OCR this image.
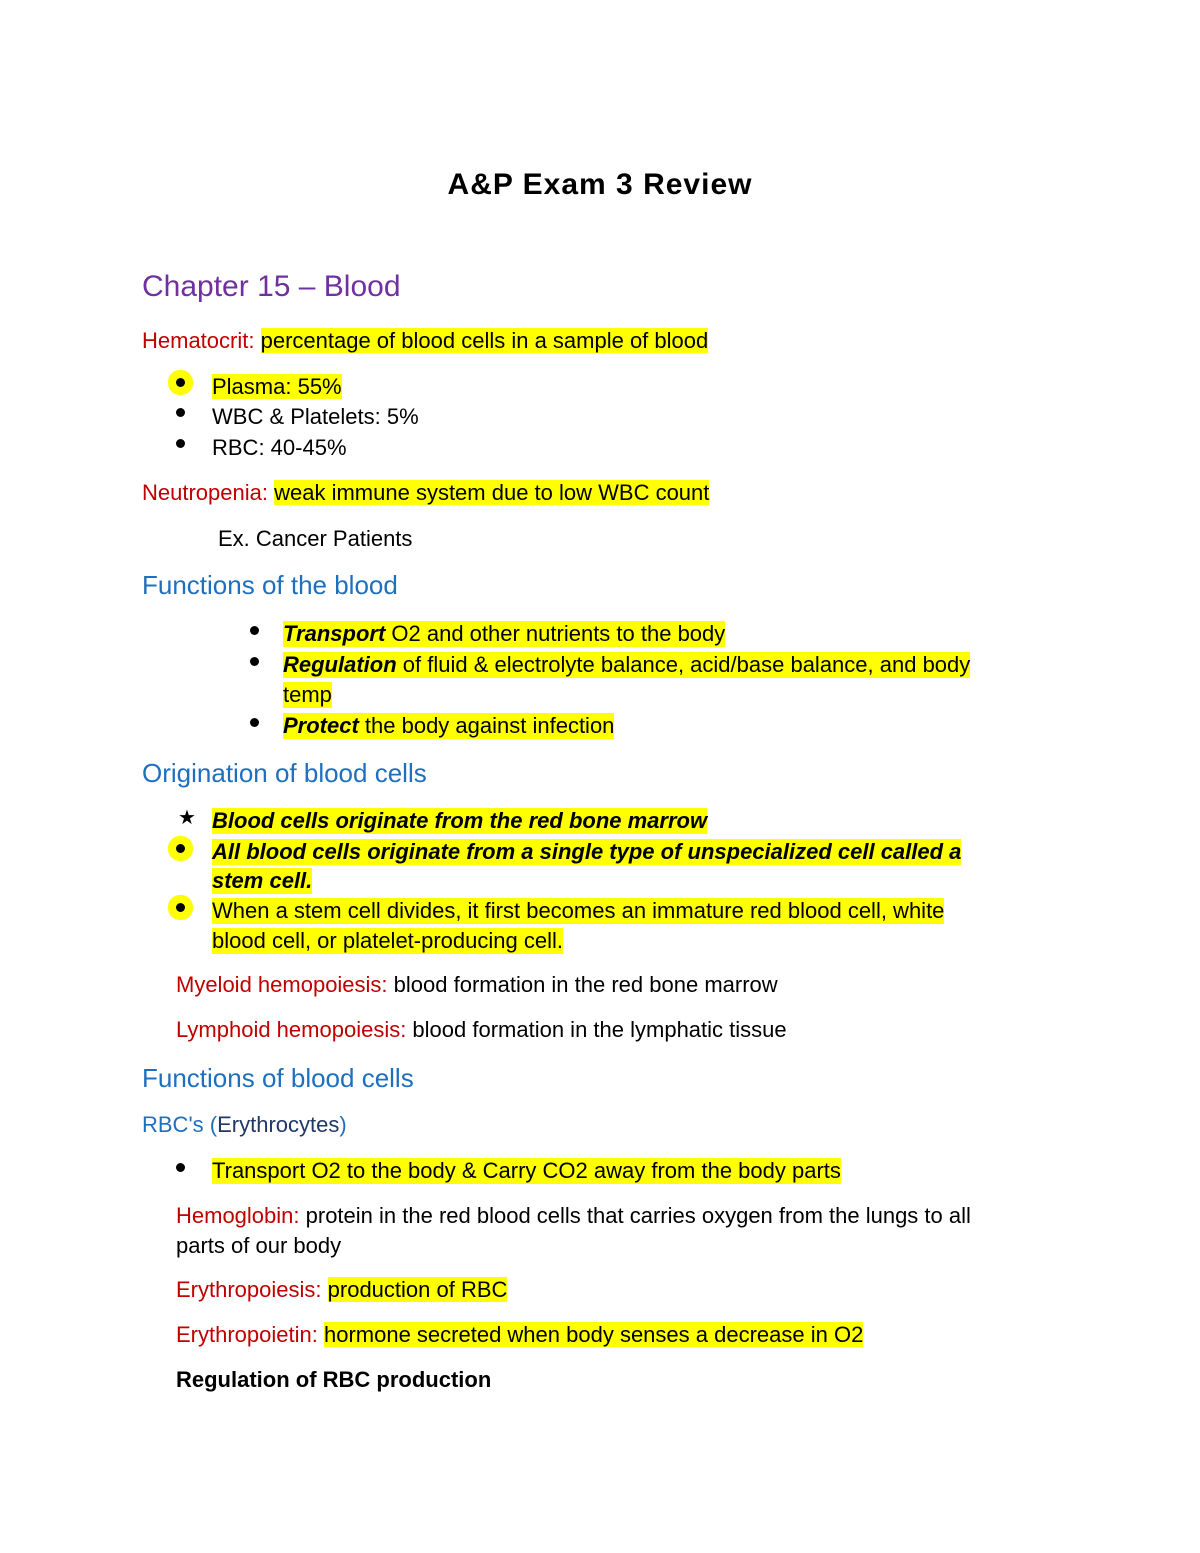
A&P Exam 3 Review
Chapter 15 – Blood
Hematocrit: percentage of blood cells in a sample of blood
Plasma: 55%
WBC & Platelets: 5%
RBC: 40-45%
Neutropenia: weak immune system due to low WBC count
Ex. Cancer Patients
Functions of the blood
Transport O2 and other nutrients to the body
Regulation of fluid & electrolyte balance, acid/base balance, and body
temp
Protect the body against infection
Origination of blood cells
★ Blood cells originate from the red bone marrow
All blood cells originate from a single type of unspecialized cell called a
stem cell.
When a stem cell divides, it first becomes an immature red blood cell, white
blood cell, or platelet-producing cell.
Myeloid hemopoiesis: blood formation in the red bone marrow
Lymphoid hemopoiesis: blood formation in the lymphatic tissue
Functions of blood cells
RBC's (Erythrocytes)
Transport O2 to the body & Carry CO2 away from the body parts
Hemoglobin: protein in the red blood cells that carries oxygen from the lungs to all
parts of our body
Erythropoiesis: production of RBC
Erythropoietin: hormone secreted when body senses a decrease in O2
Regulation of RBC production
